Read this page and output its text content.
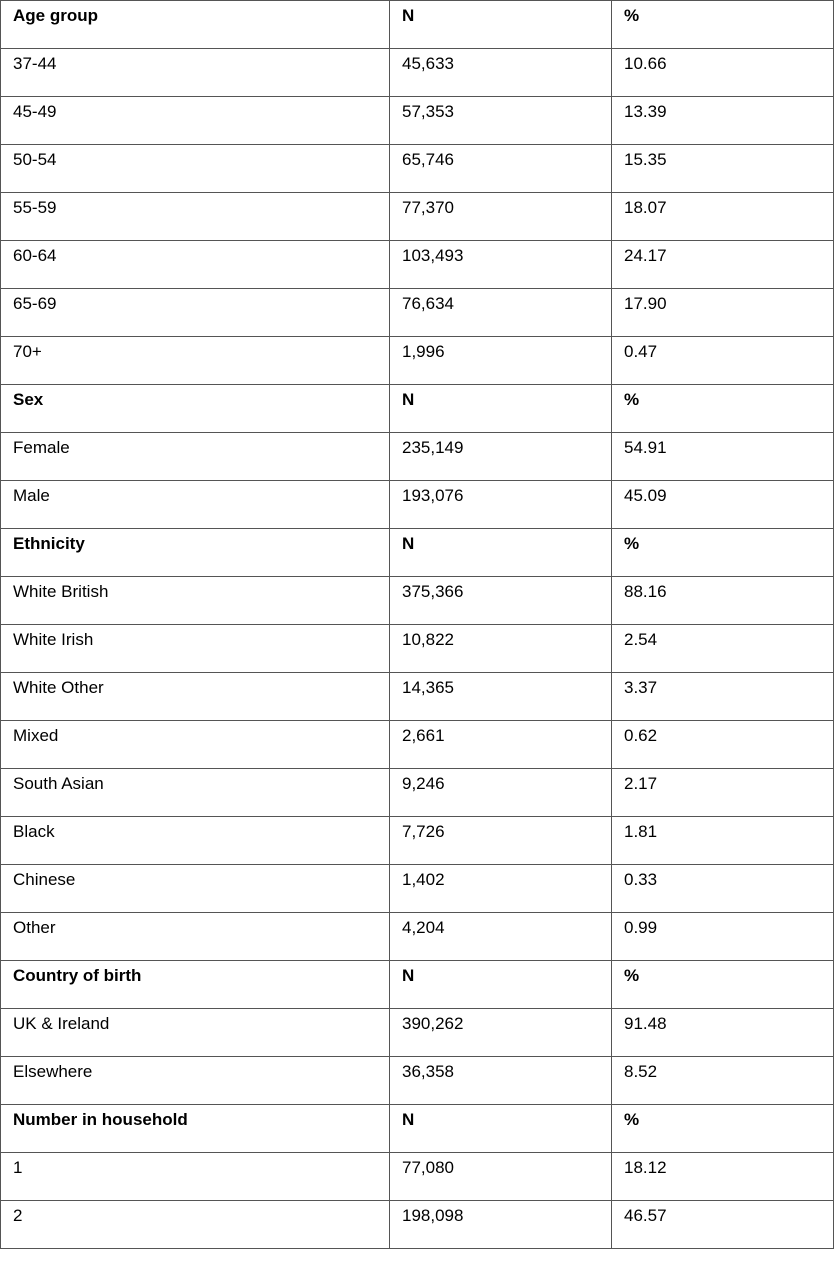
Age group	N	%
37-44	45,633	10.66
45-49	57,353	13.39
50-54	65,746	15.35
55-59	77,370	18.07
60-64	103,493	24.17
65-69	76,634	17.90
70+	1,996	0.47
Sex	N	%
Female	235,149	54.91
Male	193,076	45.09
Ethnicity	N	%
White British	375,366	88.16
White Irish	10,822	2.54
White Other	14,365	3.37
Mixed	2,661	0.62
South Asian	9,246	2.17
Black	7,726	1.81
Chinese	1,402	0.33
Other	4,204	0.99
Country of birth	N	%
UK & Ireland	390,262	91.48
Elsewhere	36,358	8.52
Number in household	N	%
1	77,080	18.12
2	198,098	46.57
